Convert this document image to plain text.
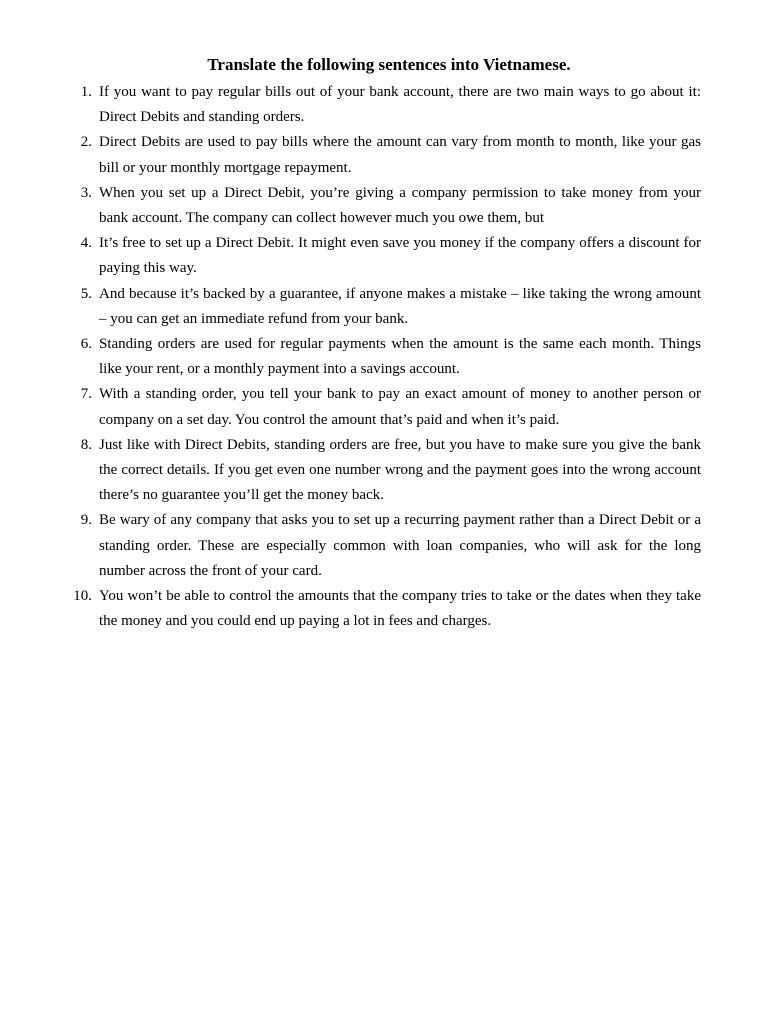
Translate the following sentences into Vietnamese.
1. If you want to pay regular bills out of your bank account, there are two main ways to go about it: Direct Debits and standing orders.
2. Direct Debits are used to pay bills where the amount can vary from month to month, like your gas bill or your monthly mortgage repayment.
3. When you set up a Direct Debit, you’re giving a company permission to take money from your bank account. The company can collect however much you owe them, but
4. It’s free to set up a Direct Debit. It might even save you money if the company offers a discount for paying this way.
5. And because it’s backed by a guarantee, if anyone makes a mistake – like taking the wrong amount – you can get an immediate refund from your bank.
6. Standing orders are used for regular payments when the amount is the same each month. Things like your rent, or a monthly payment into a savings account.
7. With a standing order, you tell your bank to pay an exact amount of money to another person or company on a set day. You control the amount that’s paid and when it’s paid.
8. Just like with Direct Debits, standing orders are free, but you have to make sure you give the bank the correct details. If you get even one number wrong and the payment goes into the wrong account there’s no guarantee you’ll get the money back.
9. Be wary of any company that asks you to set up a recurring payment rather than a Direct Debit or a standing order. These are especially common with loan companies, who will ask for the long number across the front of your card.
10. You won’t be able to control the amounts that the company tries to take or the dates when they take the money and you could end up paying a lot in fees and charges.
